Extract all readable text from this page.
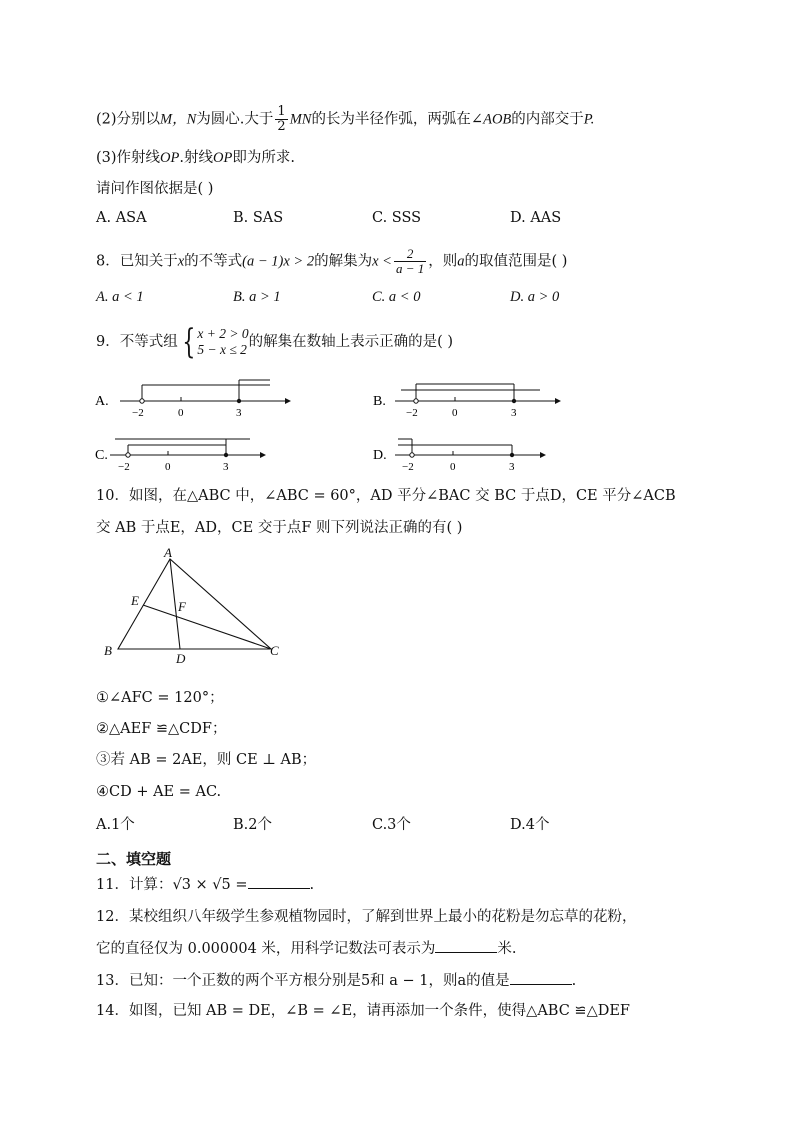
(2)分别以M，N为圆心.大于 $\frac{1}{2}$ MN的长为半径作弧，两弧在∠AOB的内部交于P.
(3)作射线OP.射线OP即为所求.
请问作图依据是( )
A. ASA	B. SAS	C. SSS	D. AAS
8．已知关于x的不等式(a − 1)x > 2的解集为$x < \frac{2}{a - 1}$ ，则a的取值范围是( )
A. a < 1	B. a > 1	C. a < 0	D. a > 0
9．不等式组 { x + 2 > 0
5 − x ≤ 2 的解集在数轴上表示正确的是( )
A.
−2	0	3
B.
−2	0	3
C.
−2	0	3
D.
−2	0	3
10．如图，在△ABC 中，∠ABC = 60°，AD 平分∠BAC 交 BC 于点D，CE 平分∠ACB
交 AB 于点E，AD，CE 交于点F 则下列说法正确的有( )
A
E	F
B
D
C
①∠AFC = 120°；
②△AEF ≌△CDF；
③若 AB = 2AE，则 CE ⊥ AB；
④CD + AE = AC.
A.1个	B.2个	C.3个	D.4个
二、填空题
11．计算：√3 × √5 =	.
12．某校组织八年级学生参观植物园时，了解到世界上最小的花粉是勿忘草的花粉，
它的直径仅为 0.000004 米，用科学记数法可表示为	米.
13．已知：一个正数的两个平方根分别是5和 a − 1，则a的值是	.
14．如图，已知 AB = DE，∠B = ∠E，请再添加一个条件，使得△ABC ≌△DEF
